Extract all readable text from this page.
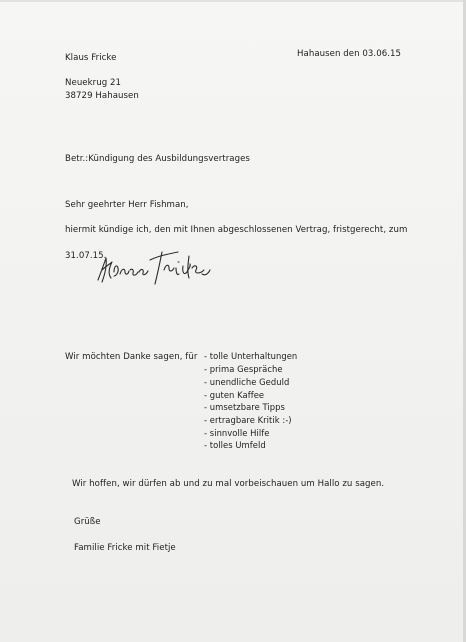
Klaus Fricke	Hahausen den 03.06.15
Neuekrug 21
38729 Hahausen
Betr.:Kündigung des Ausbildungsvertrages
Sehr geehrter Herr Fishman,
hiermit kündige ich, den mit Ihnen abgeschlossenen Vertrag, fristgerecht, zum
31.07.15.
Wir möchten Danke sagen, für - tolle Unterhaltungen
- prima Gespräche
- unendliche Geduld
- guten Kaffee
- umsetzbare Tipps
- ertragbare Kritik :-)
- sinnvolle Hilfe
- tolles Umfeld
Wir hoffen, wir dürfen ab und zu mal vorbeischauen um Hallo zu sagen.
Grüße
Familie Fricke mit Fietje
